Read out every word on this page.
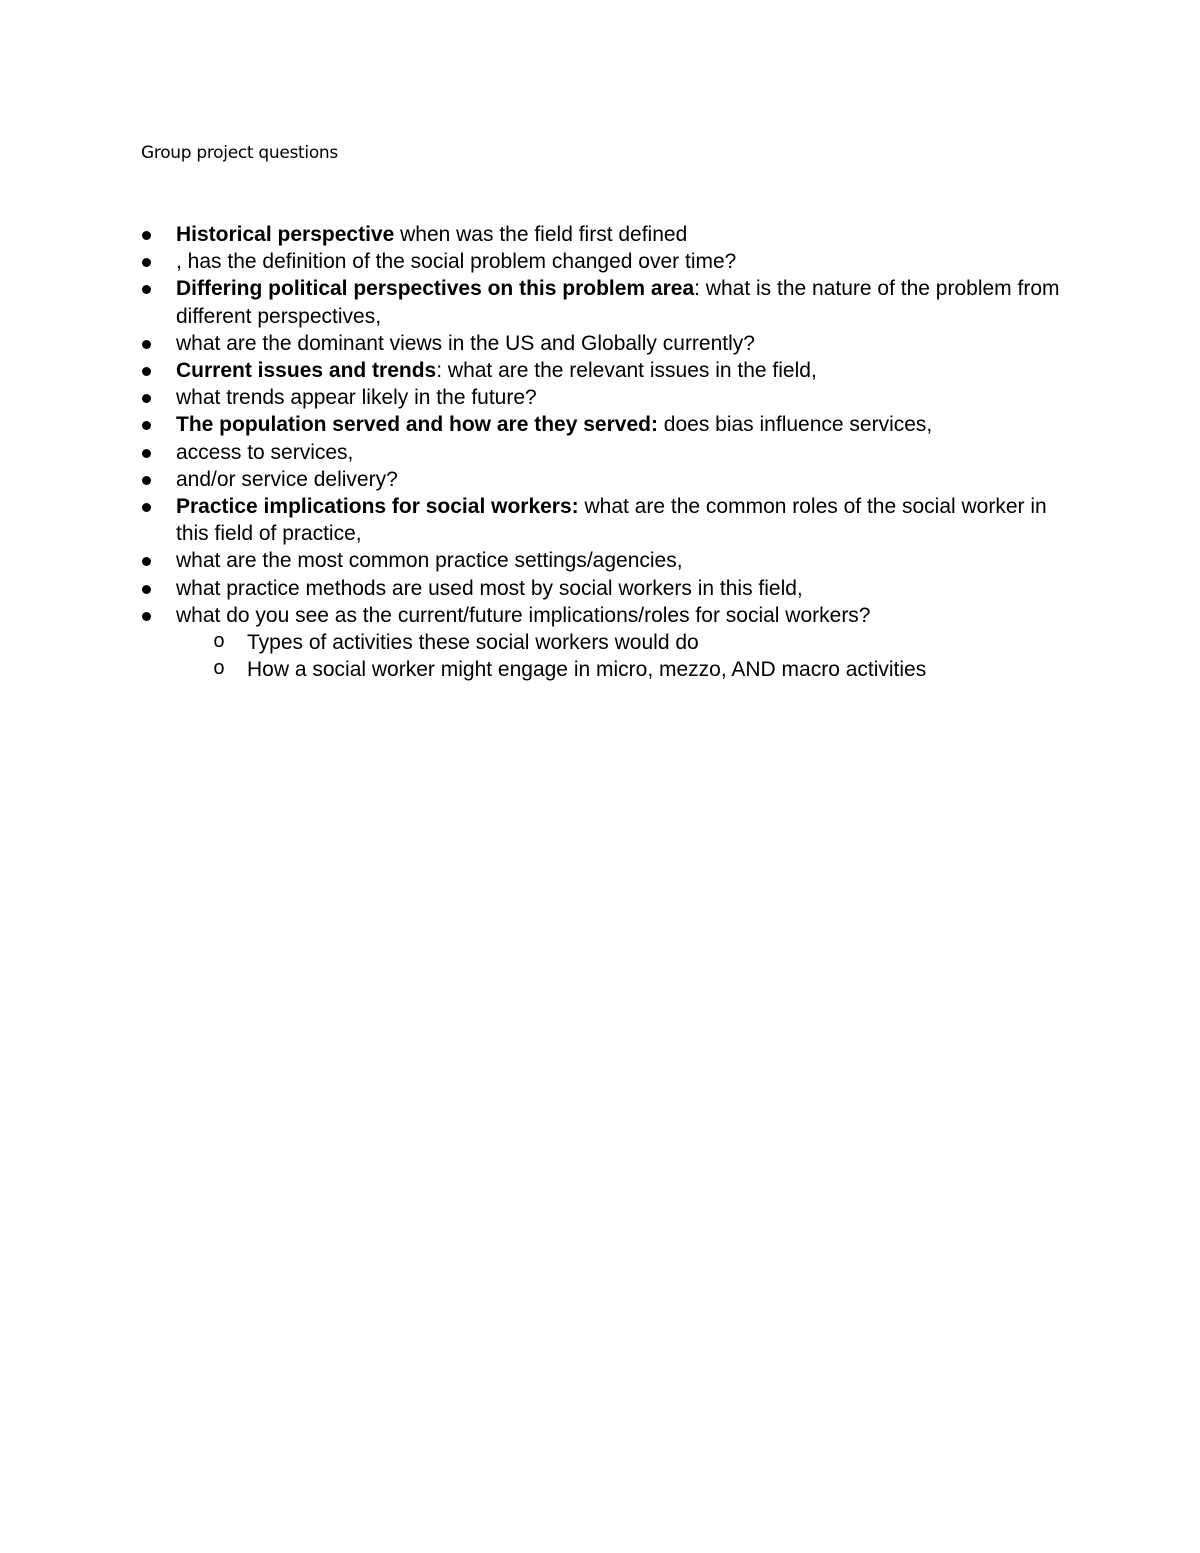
Group project questions
Historical perspective when was the field first defined
, has the definition of the social problem changed over time?
Differing political perspectives on this problem area: what is the nature of the problem from different perspectives,
what are the dominant views in the US and Globally currently?
Current issues and trends: what are the relevant issues in the field,
what trends appear likely in the future?
The population served and how are they served: does bias influence services,
access to services,
and/or service delivery?
Practice implications for social workers: what are the common roles of the social worker in this field of practice,
what are the most common practice settings/agencies,
what practice methods are used most by social workers in this field,
what do you see as the current/future implications/roles for social workers?
o Types of activities these social workers would do
o How a social worker might engage in micro, mezzo, AND macro activities
